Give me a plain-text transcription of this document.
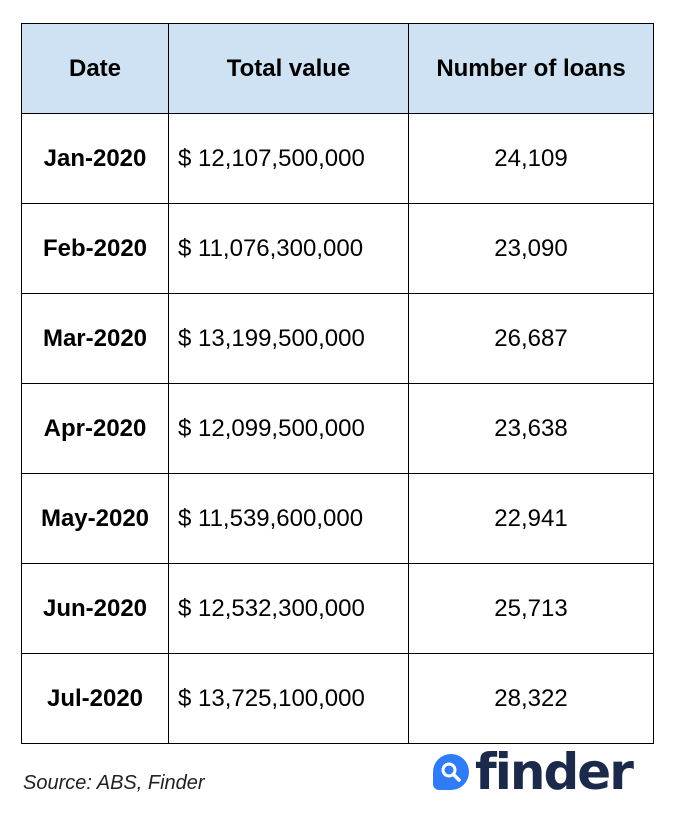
Date	Total value	Number of loans
Jan-2020	$ 12,107,500,000	24,109
Feb-2020	$ 11,076,300,000	23,090
Mar-2020	$ 13,199,500,000	26,687
Apr-2020	$ 12,099,500,000	23,638
May-2020	$ 11,539,600,000	22,941
Jun-2020	$ 12,532,300,000	25,713
Jul-2020	$ 13,725,100,000	28,322
Source: ABS, Finder	finder
